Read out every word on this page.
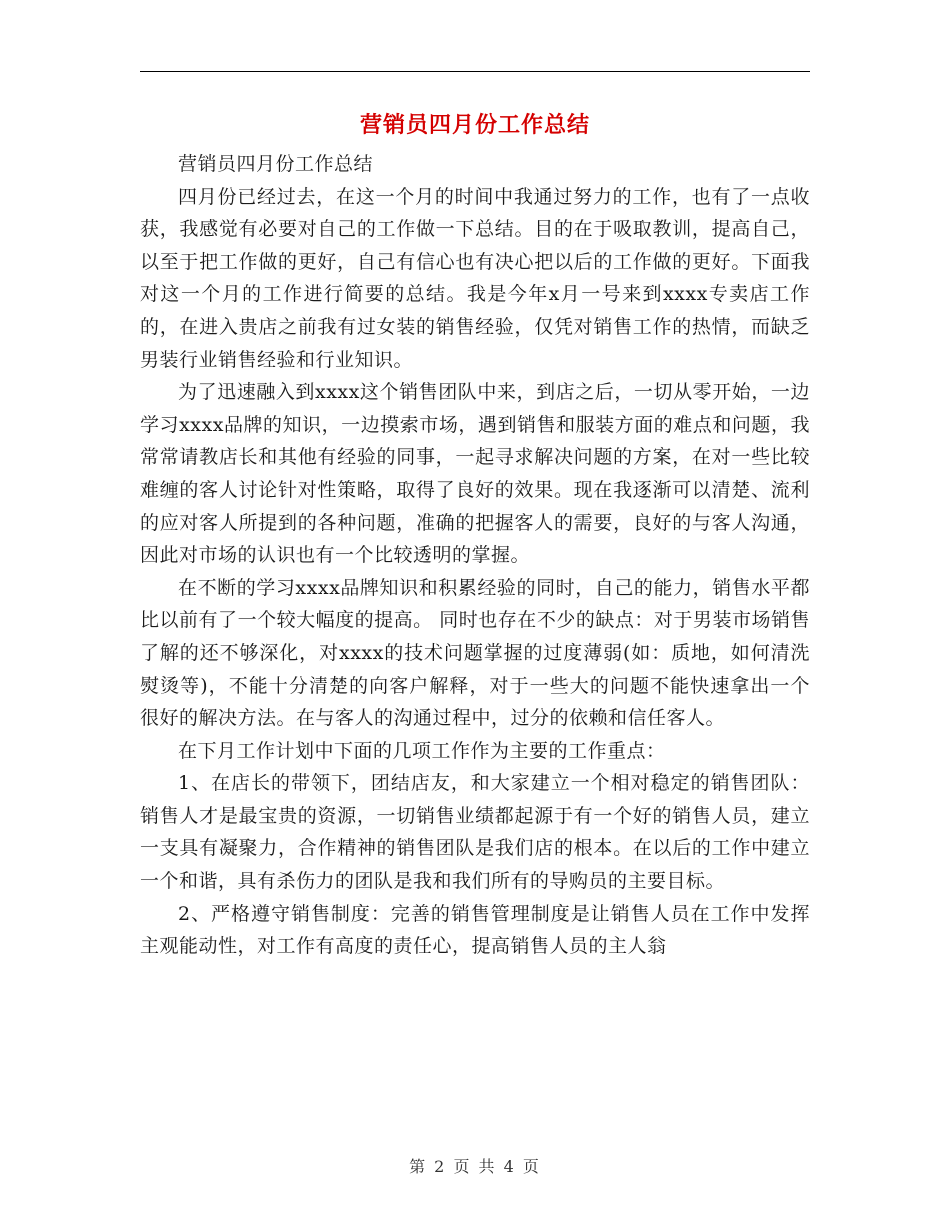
营销员四月份工作总结

营销员四月份工作总结

四月份已经过去，在这一个月的时间中我通过努力的工作，也有了一点收获，我感觉有必要对自己的工作做一下总结。目的在于吸取教训，提高自己，以至于把工作做的更好，自己有信心也有决心把以后的工作做的更好。下面我对这一个月的工作进行简要的总结。我是今年x月一号来到xxxx专卖店工作的，在进入贵店之前我有过女装的销售经验，仅凭对销售工作的热情，而缺乏男装行业销售经验和行业知识。

为了迅速融入到xxxx这个销售团队中来，到店之后，一切从零开始，一边学习xxxx品牌的知识，一边摸索市场，遇到销售和服装方面的难点和问题，我常常请教店长和其他有经验的同事，一起寻求解决问题的方案，在对一些比较难缠的客人讨论针对性策略，取得了良好的效果。现在我逐渐可以清楚、流利的应对客人所提到的各种问题，准确的把握客人的需要，良好的与客人沟通，因此对市场的认识也有一个比较透明的掌握。

在不断的学习xxxx品牌知识和积累经验的同时，自己的能力，销售水平都比以前有了一个较大幅度的提高。 同时也存在不少的缺点：对于男装市场销售了解的还不够深化，对xxxx的技术问题掌握的过度薄弱(如：质地，如何清洗熨烫等)，不能十分清楚的向客户解释，对于一些大的问题不能快速拿出一个很好的解决方法。在与客人的沟通过程中，过分的依赖和信任客人。

在下月工作计划中下面的几项工作作为主要的工作重点：

1、在店长的带领下，团结店友，和大家建立一个相对稳定的销售团队：销售人才是最宝贵的资源，一切销售业绩都起源于有一个好的销售人员，建立一支具有凝聚力，合作精神的销售团队是我们店的根本。在以后的工作中建立一个和谐，具有杀伤力的团队是我和我们所有的导购员的主要目标。

2、严格遵守销售制度：完善的销售管理制度是让销售人员在工作中发挥主观能动性，对工作有高度的责任心，提高销售人员的主人翁

第 2 页 共 4 页
